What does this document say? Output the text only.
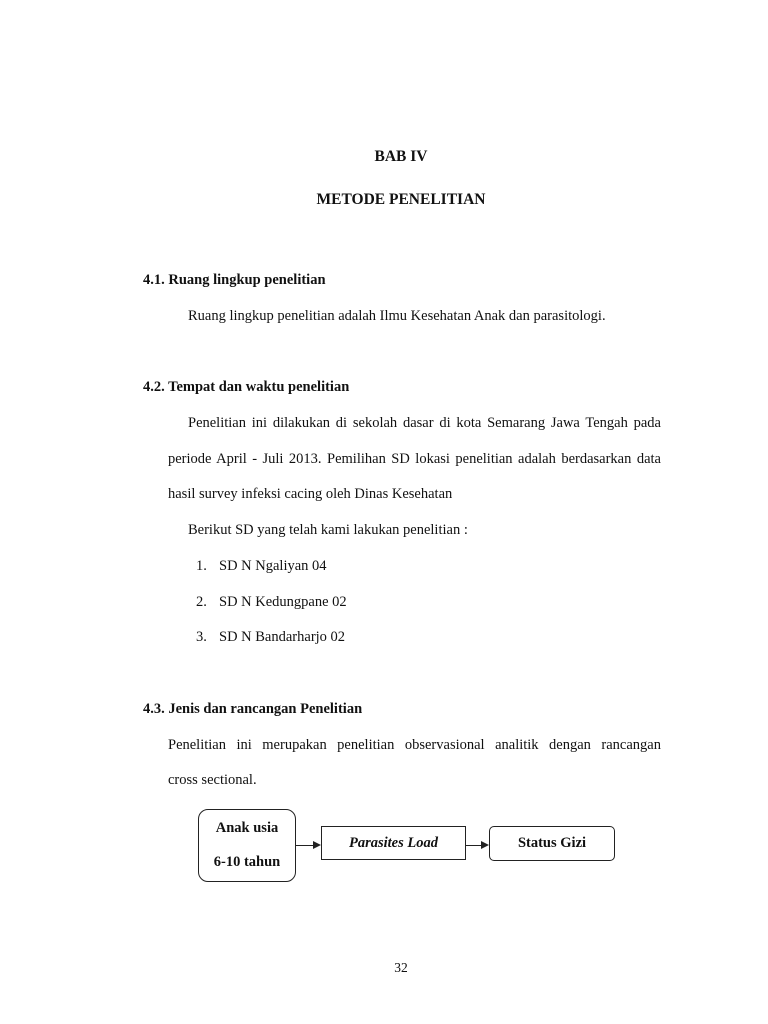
BAB IV
METODE PENELITIAN
4.1. Ruang lingkup penelitian
Ruang lingkup penelitian adalah Ilmu Kesehatan Anak dan parasitologi.
4.2. Tempat dan waktu penelitian
Penelitian ini dilakukan di sekolah dasar di kota Semarang Jawa Tengah pada
periode April - Juli 2013. Pemilihan SD lokasi penelitian adalah berdasarkan data
hasil survey infeksi cacing oleh Dinas Kesehatan
Berikut SD yang telah kami lakukan penelitian :
1. SD N Ngaliyan 04
2. SD N Kedungpane 02
3. SD N Bandarharjo 02
4.3. Jenis dan rancangan Penelitian
Penelitian ini merupakan penelitian observasional analitik dengan rancangan
cross sectional.
Anak usia
6-10 tahun
Parasites Load	Status Gizi
32
